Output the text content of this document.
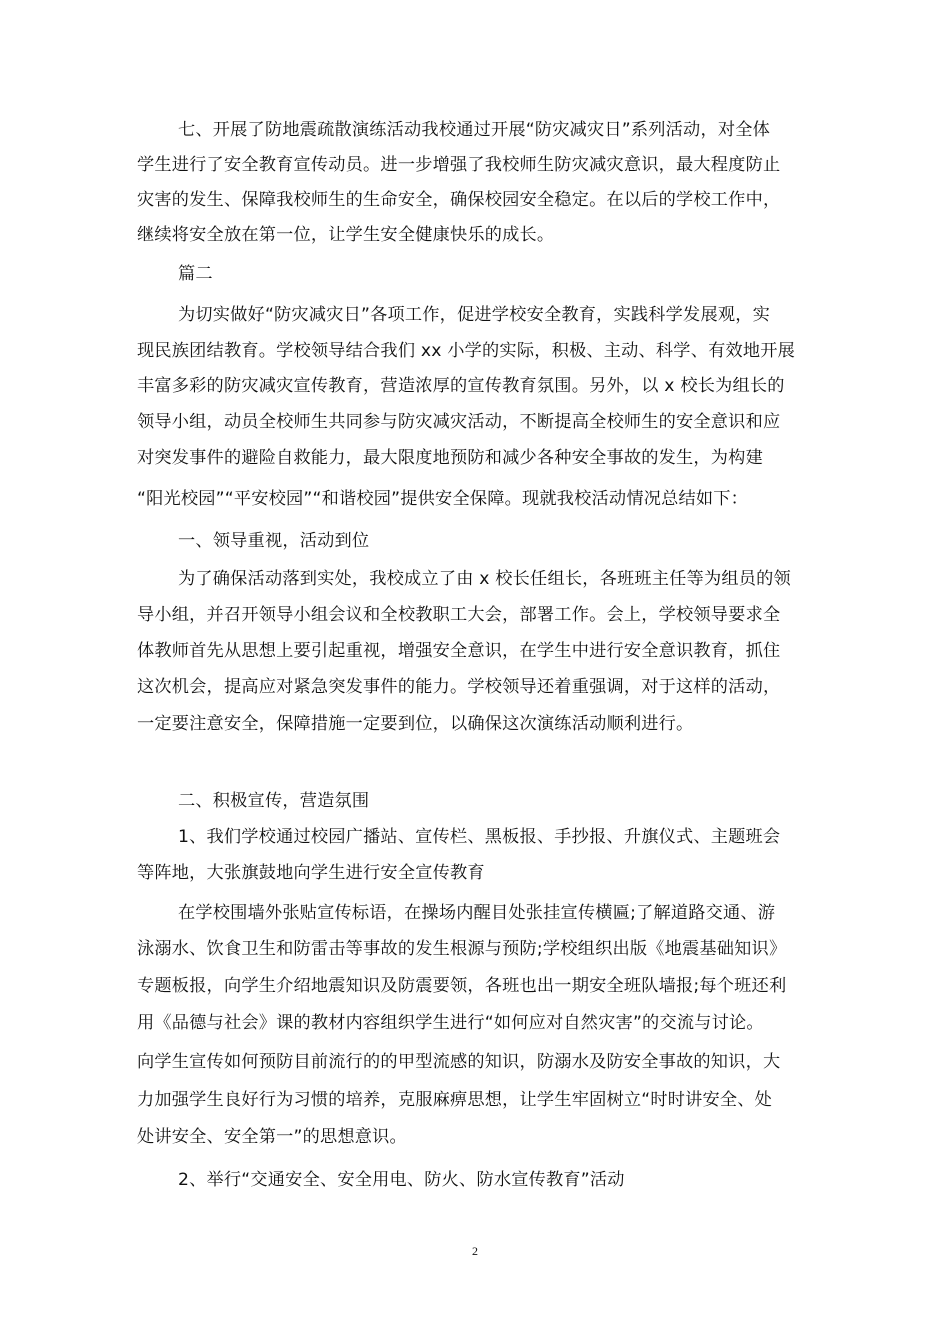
七、开展了防地震疏散演练活动我校通过开展“防灾减灾日”系列活动，对全体
学生进行了安全教育宣传动员。进一步增强了我校师生防灾减灾意识，最大程度防止
灾害的发生、保障我校师生的生命安全，确保校园安全稳定。在以后的学校工作中，
继续将安全放在第一位，让学生安全健康快乐的成长。
篇二
为切实做好“防灾减灾日”各项工作，促进学校安全教育，实践科学发展观，实
现民族团结教育。学校领导结合我们 xx 小学的实际，积极、主动、科学、有效地开展
丰富多彩的防灾减灾宣传教育，营造浓厚的宣传教育氛围。另外，以 x 校长为组长的
领导小组，动员全校师生共同参与防灾减灾活动，不断提高全校师生的安全意识和应
对突发事件的避险自救能力，最大限度地预防和减少各种安全事故的发生，为构建
“阳光校园”“平安校园”“和谐校园”提供安全保障。现就我校活动情况总结如下：
一、领导重视，活动到位
为了确保活动落到实处，我校成立了由 x 校长任组长，各班班主任等为组员的领
导小组，并召开领导小组会议和全校教职工大会，部署工作。会上，学校领导要求全
体教师首先从思想上要引起重视，增强安全意识，在学生中进行安全意识教育，抓住
这次机会，提高应对紧急突发事件的能力。学校领导还着重强调，对于这样的活动，
一定要注意安全，保障措施一定要到位，以确保这次演练活动顺利进行。
二、积极宣传，营造氛围
1、我们学校通过校园广播站、宣传栏、黑板报、手抄报、升旗仪式、主题班会
等阵地，大张旗鼓地向学生进行安全宣传教育
在学校围墙外张贴宣传标语，在操场内醒目处张挂宣传横匾;了解道路交通、游
泳溺水、饮食卫生和防雷击等事故的发生根源与预防;学校组织出版《地震基础知识》
专题板报，向学生介绍地震知识及防震要领，各班也出一期安全班队墙报;每个班还利
用《品德与社会》课的教材内容组织学生进行“如何应对自然灾害”的交流与讨论。
向学生宣传如何预防目前流行的的甲型流感的知识，防溺水及防安全事故的知识，大
力加强学生良好行为习惯的培养，克服麻痹思想，让学生牢固树立“时时讲安全、处
处讲安全、安全第一”的思想意识。
2、举行“交通安全、安全用电、防火、防水宣传教育”活动
2
